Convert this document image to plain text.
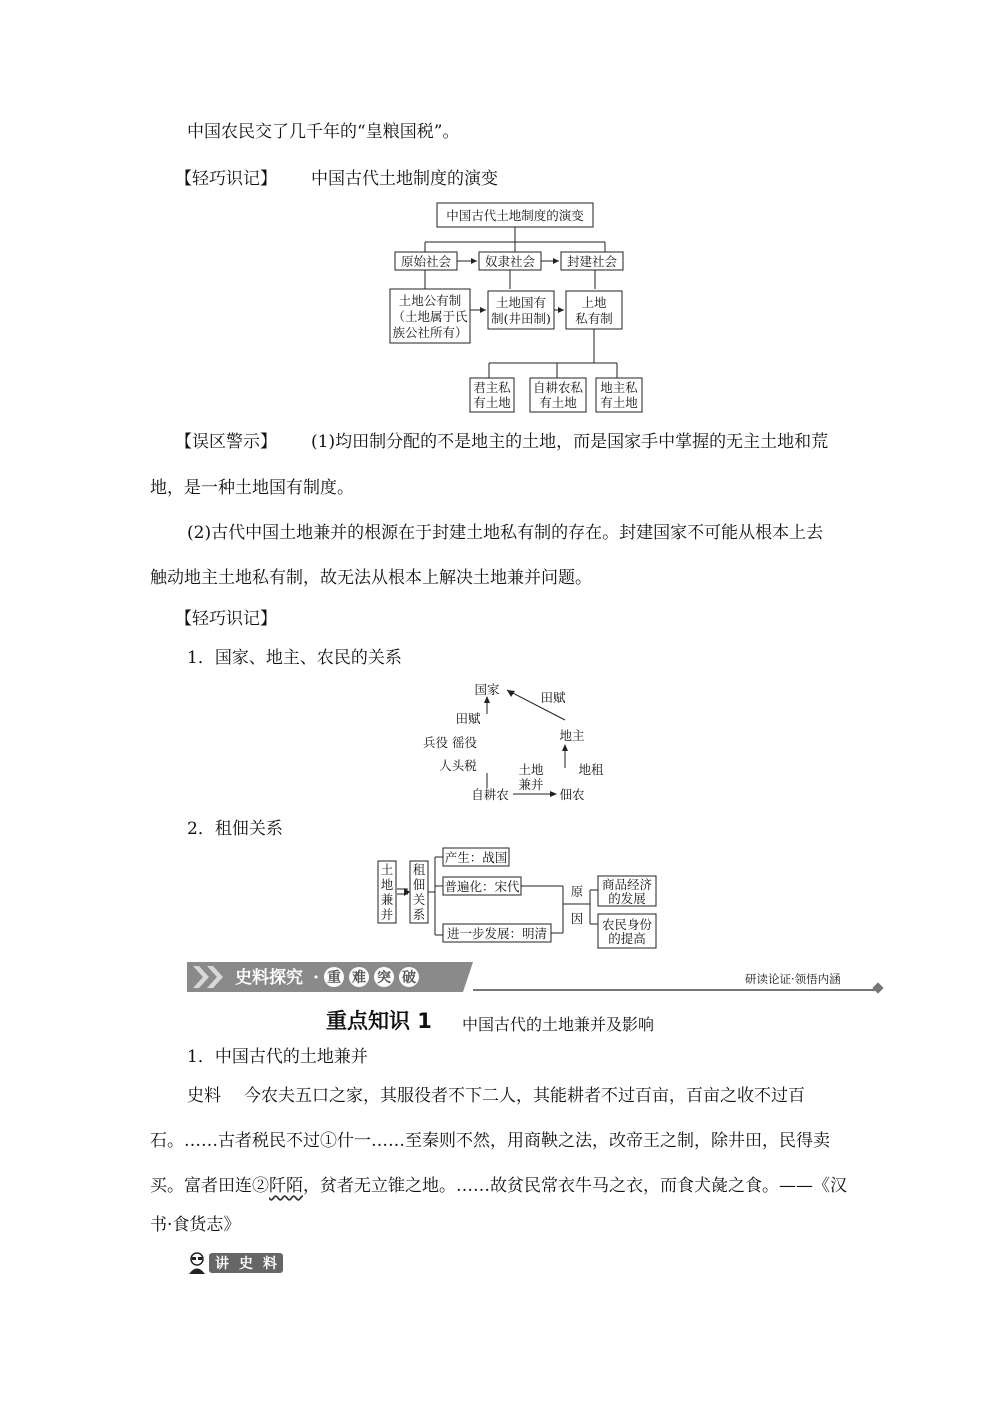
中国农民交了几千年的“皇粮国税”。
【轻巧识记】 中国古代土地制度的演变
中国古代土地制度的演变
原始社会	奴隶社会	封建社会
土地公有制
（土地属于氏
族公社所有）
土地国有
制(井田制)
上地
私有制
君主私
有土地
自耕农私
有土地
地主私
有土地
【误区警示】 (1)均田制分配的不是地主的土地，而是国家手中掌握的无主土地和荒
地，是一种土地国有制度。
(2)古代中国土地兼并的根源在于封建土地私有制的存在。封建国家不可能从根本上去
触动地主土地私有制，故无法从根本上解决土地兼并问题。
【轻巧识记】
1．国家、地主、农民的关系
国家
田赋
田赋
兵役 徭役
人头税
地主
地租
土地
兼并
自耕农	佃农
2．租佃关系
产生：战国
普遍化：宋代
进一步发展：明清
原
因
商品经济
的发展
农民身份
的提高
土
地
兼
并
租
佃
关
系
史料探究 · 重 难 突 破	研读论证·领悟内涵
重点知识 1 中国古代的土地兼并及影响
1．中国古代的土地兼并
史料 今农夫五口之家，其服役者不下二人，其能耕者不过百亩，百亩之收不过百
石。……古者税民不过①什一……至秦则不然，用商鞅之法，改帝王之制，除井田，民得卖
买。富者田连②阡陌，贫者无立锥之地。……故贫民常衣牛马之衣，而食犬彘之食。——《汉
书·食货志》
讲 史 料
